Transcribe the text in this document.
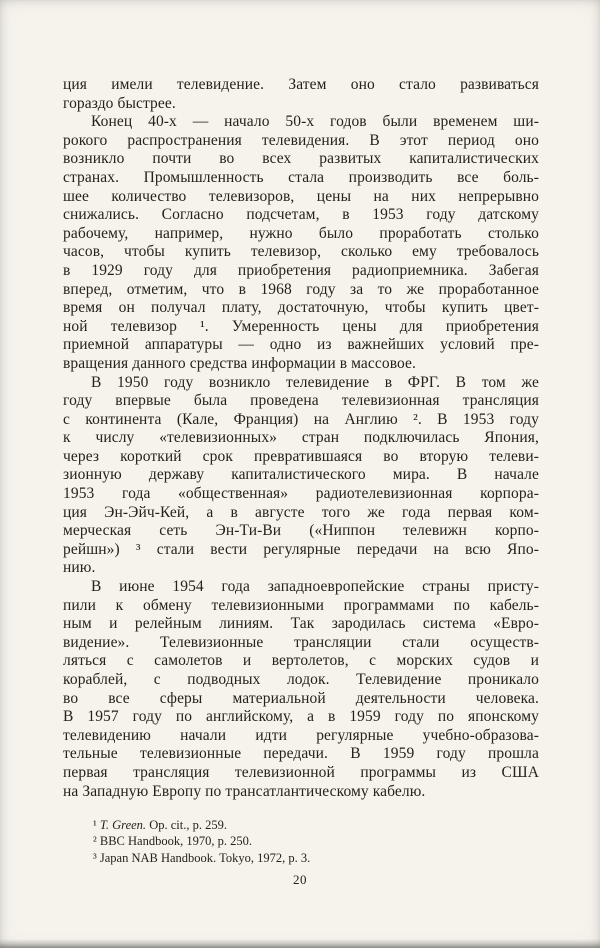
ция имели телевидение. Затем оно стало развиваться
гораздо быстрее.
Конец 40-х — начало 50-х годов были временем ши-
рокого распространения телевидения. В этот период оно
возникло почти во всех развитых капиталистических
странах. Промышленность стала производить все боль-
шее количество телевизоров, цены на них непрерывно
снижались. Согласно подсчетам, в 1953 году датскому
рабочему, например, нужно было проработать столько
часов, чтобы купить телевизор, сколько ему требовалось
в 1929 году для приобретения радиоприемника. Забегая
вперед, отметим, что в 1968 году за то же проработанное
время он получал плату, достаточную, чтобы купить цвет-
ной телевизор ¹. Умеренность цены для приобретения
приемной аппаратуры — одно из важнейших условий пре-
вращения данного средства информации в массовое.
В 1950 году возникло телевидение в ФРГ. В том же
году впервые была проведена телевизионная трансляция
с континента (Кале, Франция) на Англию ². В 1953 году
к числу «телевизионных» стран подключилась Япония,
через короткий срок превратившаяся во вторую телеви-
зионную державу капиталистического мира. В начале
1953 года «общественная» радиотелевизионная корпора-
ция Эн-Эйч-Кей, а в августе того же года первая ком-
мерческая сеть Эн-Ти-Ви («Ниппон телевижн корпо-
рейшн») ³ стали вести регулярные передачи на всю Япо-
нию.
В июне 1954 года западноевропейские страны присту-
пили к обмену телевизионными программами по кабель-
ным и релейным линиям. Так зародилась система «Евро-
видение». Телевизионные трансляции стали осуществ-
ляться с самолетов и вертолетов, с морских судов и
кораблей, с подводных лодок. Телевидение проникало
во все сферы материальной деятельности человека.
В 1957 году по английскому, а в 1959 году по японскому
телевидению начали идти регулярные учебно-образова-
тельные телевизионные передачи. В 1959 году прошла
первая трансляция телевизионной программы из США
на Западную Европу по трансатлантическому кабелю.
¹ T. Green. Op. cit., p. 259.
² BBC Handbook, 1970, p. 250.
³ Japan NAB Handbook. Tokyo, 1972, p. 3.
20
